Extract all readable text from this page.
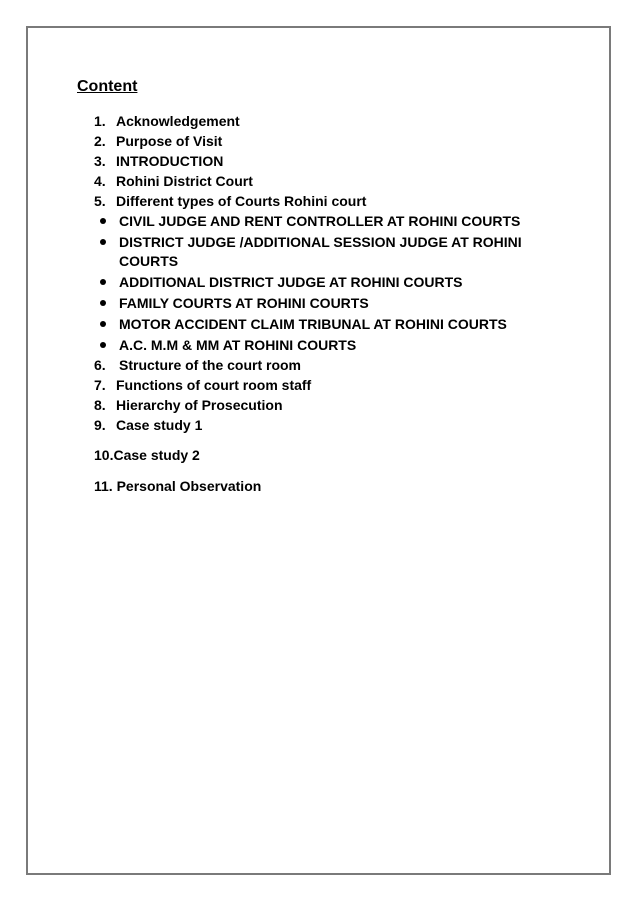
Content
1. Acknowledgement
2. Purpose of Visit
3. INTRODUCTION
4. Rohini District Court
5. Different types of Courts Rohini court
CIVIL JUDGE AND RENT CONTROLLER AT ROHINI COURTS
DISTRICT JUDGE /ADDITIONAL SESSION JUDGE AT ROHINI
COURTS
ADDITIONAL DISTRICT JUDGE AT ROHINI COURTS
FAMILY COURTS AT ROHINI COURTS
MOTOR ACCIDENT CLAIM TRIBUNAL AT ROHINI COURTS
A.C. M.M & MM AT ROHINI COURTS
6. Structure of the court room
7. Functions of court room staff
8. Hierarchy of Prosecution
9. Case study 1
10.Case study 2
11. Personal Observation
